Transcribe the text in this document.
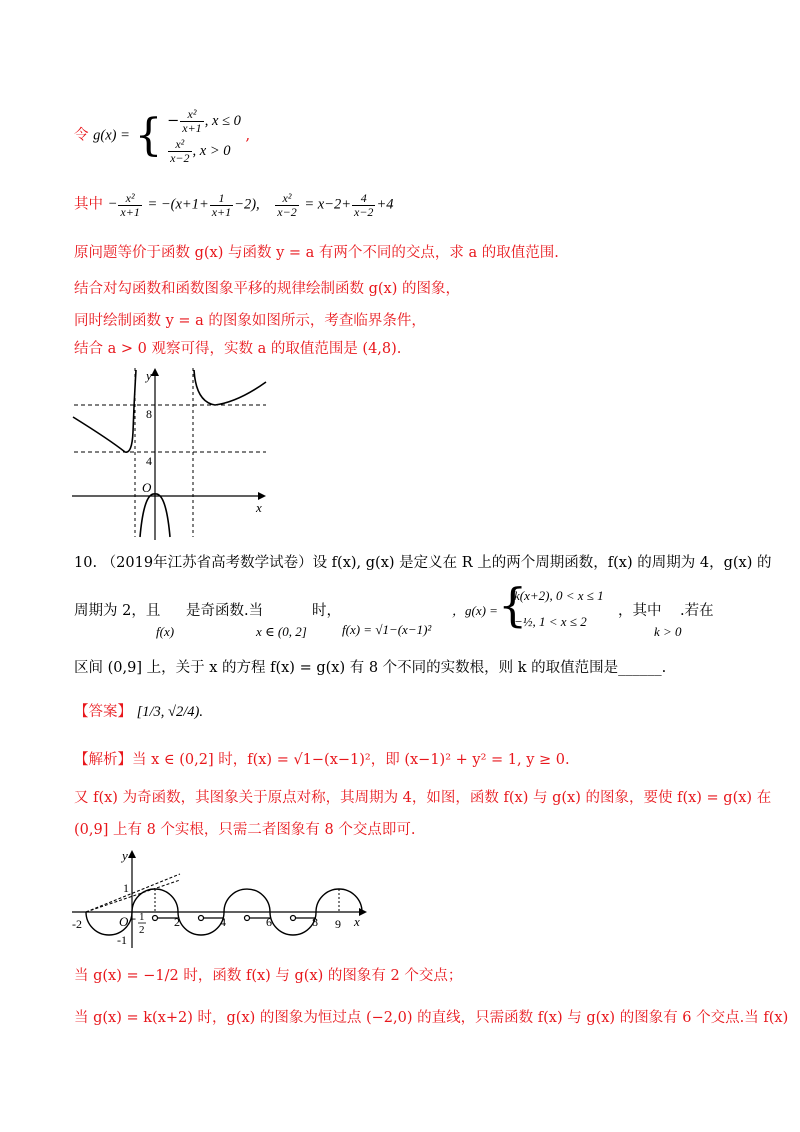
令 g(x) = { − $\frac{\text{x²}}{x+1}$ , x ≤ 0
$\frac{\text{x²}}{x-2}$ , x > 0
,
其中 − $\frac{\text{x²}}{x+1} = -(x+1+ \frac{1}{x+1} -2)$, $\frac{\text{x²}}{x-2} = x-2+ \frac{4}{x-2} +4$
原问题等价于函数 g(x) 与函数 y = a 有两个不同的交点，求 a 的取值范围.
结合对勾函数和函数图象平移的规律绘制函数 g(x) 的图象，
同时绘制函数 y = a 的图象如图所示，考查临界条件，
结合 a > 0 观察可得，实数 a 的取值范围是 (4,8).
y
x
O
8
4
10. （2019年江苏省高考数学试卷）设 f(x), g(x) 是定义在 R 上的两个周期函数，f(x) 的周期为 4，g(x) 的
周期为 2，且 是奇函数.当	时，
f(x)	x ∈ (0, 2]	f(x) = √1−(x−1)²
，g(x) = {
k(x+2), 0 < x ≤ 1
−½, 1 < x ≤ 2
，其中
k > 0
.若在
区间 (0,9] 上，关于 x 的方程 f(x) = g(x) 有 8 个不同的实数根，则 k 的取值范围是______.
【答案】 [1/3, √2/4).
【解析】当 x ∈ (0,2] 时，f(x) = √1−(x−1)²，即 (x−1)² + y² = 1, y ≥ 0.
又 f(x) 为奇函数，其图象关于原点对称，其周期为 4，如图，函数 f(x) 与 g(x) 的图象，要使 f(x) = g(x) 在
(0,9] 上有 8 个实根，只需二者图象有 8 个交点即可.
y
x
O
-2
1
-1
- 1
2
2	4	6	8 9
当 g(x) = −1/2 时，函数 f(x) 与 g(x) 的图象有 2 个交点；
当 g(x) = k(x+2) 时，g(x) 的图象为恒过点 (−2,0) 的直线，只需函数 f(x) 与 g(x) 的图象有 6 个交点.当 f(x)
